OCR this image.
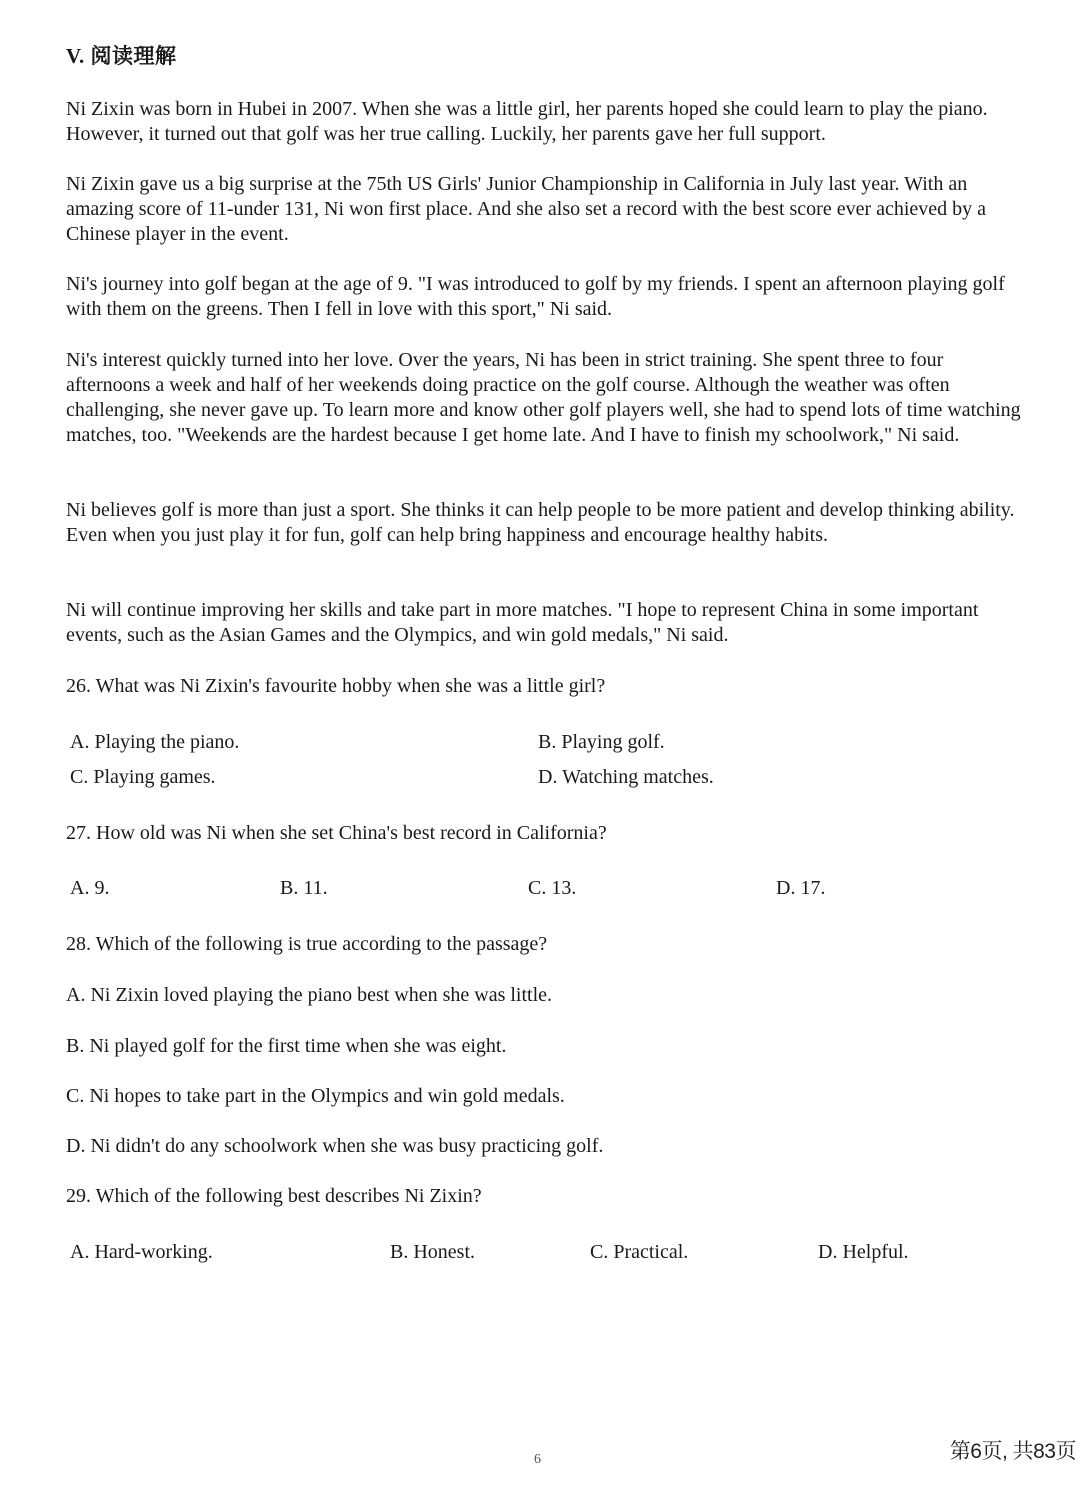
V. 阅读理解

Ni Zixin was born in Hubei in 2007. When she was a little girl, her parents hoped she could learn to play the piano. However, it turned out that golf was her true calling. Luckily, her parents gave her full support.

Ni Zixin gave us a big surprise at the 75th US Girls' Junior Championship in California in July last year. With an amazing score of 11-under 131, Ni won first place. And she also set a record with the best score ever achieved by a Chinese player in the event.

Ni's journey into golf began at the age of 9. "I was introduced to golf by my friends. I spent an afternoon playing golf with them on the greens. Then I fell in love with this sport," Ni said.

Ni's interest quickly turned into her love. Over the years, Ni has been in strict training. She spent three to four afternoons a week and half of her weekends doing practice on the golf course. Although the weather was often challenging, she never gave up. To learn more and know other golf players well, she had to spend lots of time watching matches, too. "Weekends are the hardest because I get home late. And I have to finish my schoolwork," Ni said.

Ni believes golf is more than just a sport. She thinks it can help people to be more patient and develop thinking ability. Even when you just play it for fun, golf can help bring happiness and encourage healthy habits.

Ni will continue improving her skills and take part in more matches. "I hope to represent China in some important events, such as the Asian Games and the Olympics, and win gold medals," Ni said.

26. What was Ni Zixin's favourite hobby when she was a little girl?

A. Playing the piano.	B. Playing golf.
C. Playing games.	D. Watching matches.

27. How old was Ni when she set China's best record in California?

A. 9.	B. 11.	C. 13.	D. 17.

28. Which of the following is true according to the passage?

A. Ni Zixin loved playing the piano best when she was little.
B. Ni played golf for the first time when she was eight.
C. Ni hopes to take part in the Olympics and win gold medals.
D. Ni didn't do any schoolwork when she was busy practicing golf.

29. Which of the following best describes Ni Zixin?

A. Hard-working.	B. Honest.	C. Practical.	D. Helpful.
6	第6页, 共83页
